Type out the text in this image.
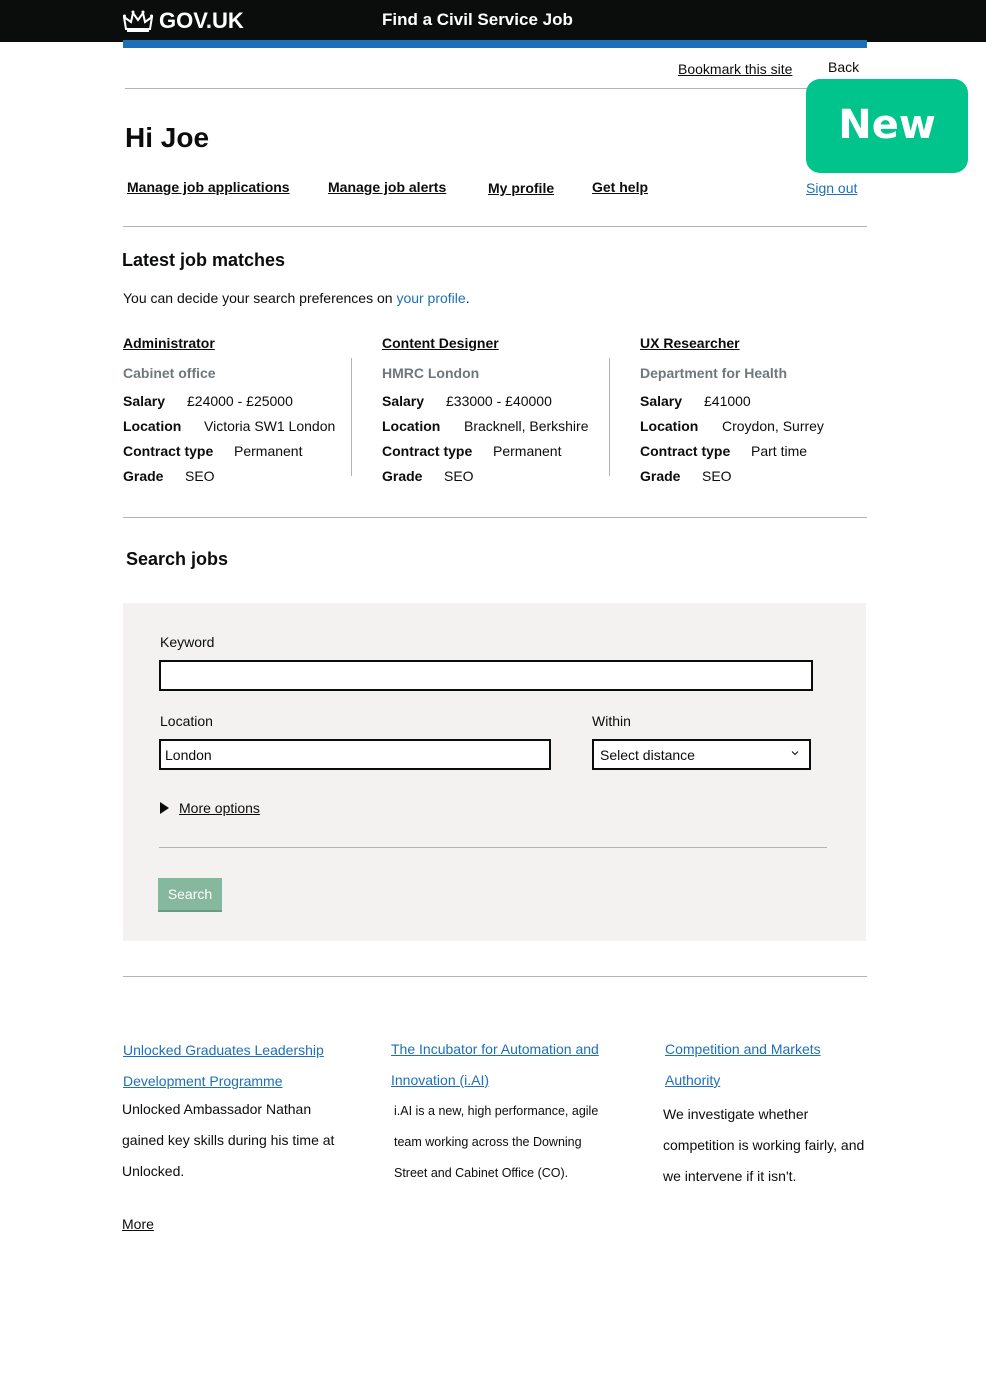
GOV.UK	Find a Civil Service Job
Bookmark this site	Back
New
Hi Joe
Manage job applications	Manage job alerts	My profile	Get help	Sign out
Latest job matches

You can decide your search preferences on your profile.

Administrator
Cabinet office
Salary	£24000 - £25000
Location	Victoria SW1 London
Contract type	Permanent
Grade	SEO
Content Designer
HMRC London
Salary	£33000 - £40000
Location	Bracknell, Berkshire
Contract type	Permanent
Grade	SEO
UX Researcher
Department for Health
Salary	£41000
Location	Croydon, Surrey
Contract type	Part time
Grade	SEO
Search jobs
Keyword
Location
London
Within
Select distance
More options
Search
Unlocked Graduates Leadership
Development Programme
Unlocked Ambassador Nathan
gained key skills during his time at
Unlocked.
The Incubator for Automation and
Innovation (i.AI)
i.AI is a new, high performance, agile
team working across the Downing
Street and Cabinet Office (CO).
Competition and Markets
Authority
We investigate whether
competition is working fairly, and
we intervene if it isn't.
More
